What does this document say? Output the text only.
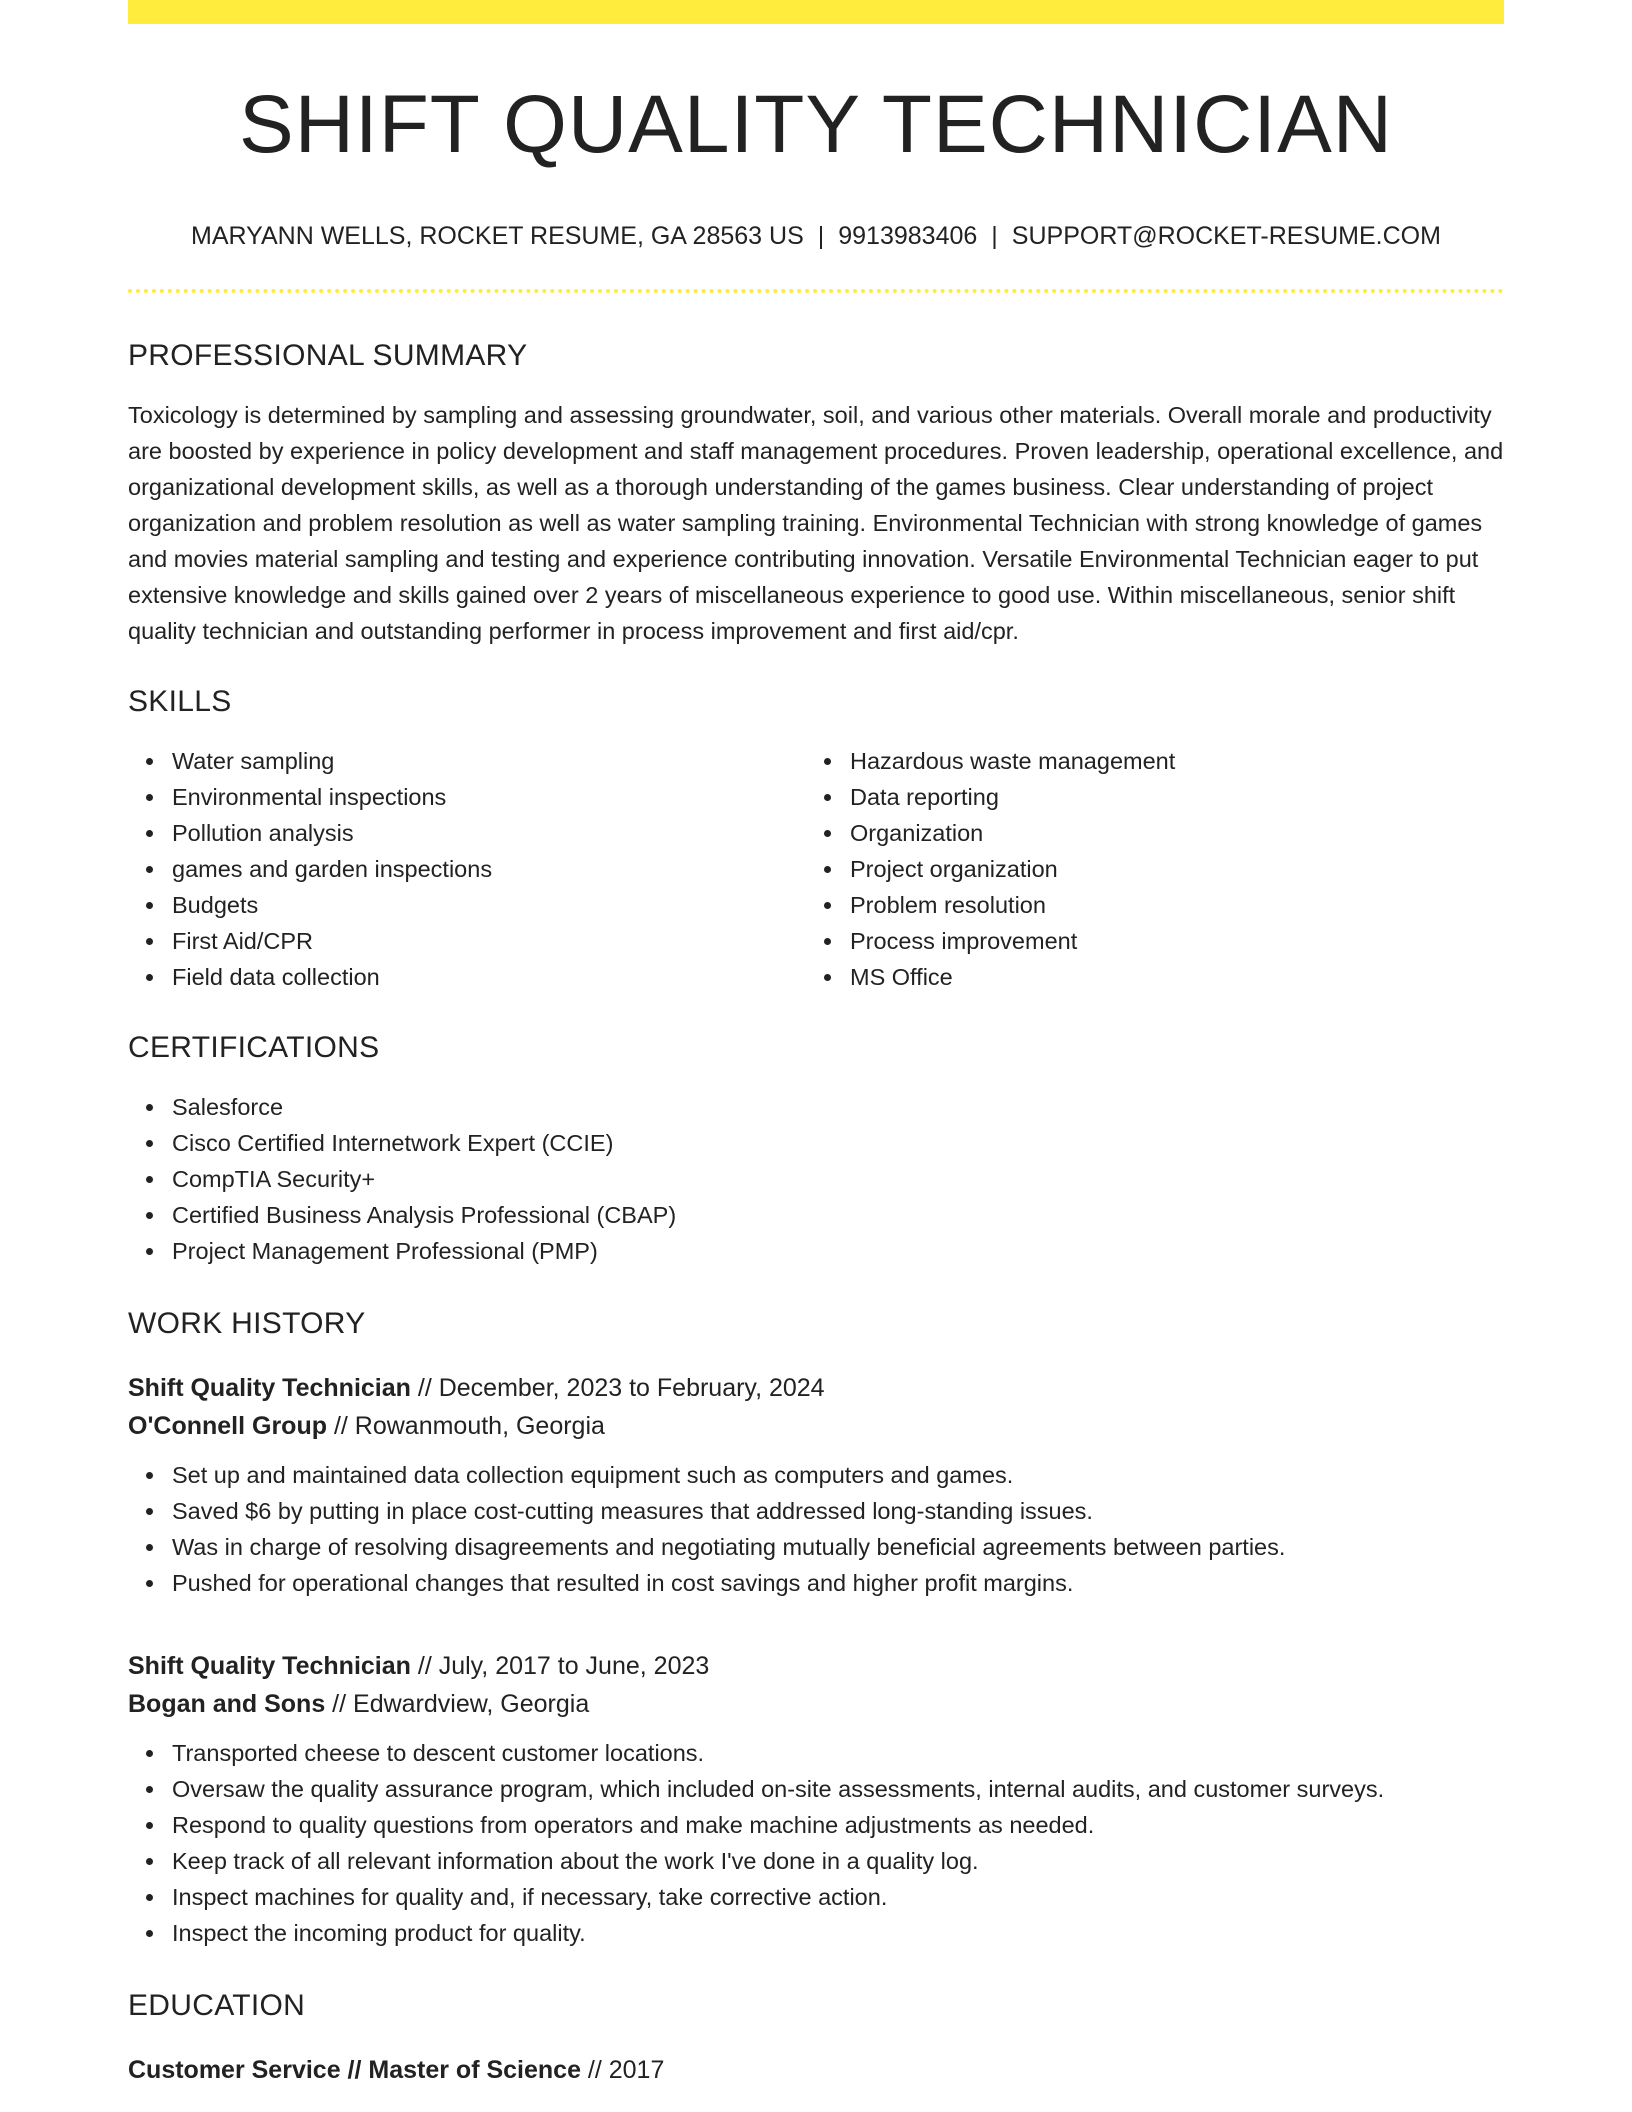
SHIFT QUALITY TECHNICIAN
MARYANN WELLS, ROCKET RESUME, GA 28563 US | 9913983406 | SUPPORT@ROCKET-RESUME.COM
PROFESSIONAL SUMMARY

Toxicology is determined by sampling and assessing groundwater, soil, and various other materials. Overall morale and productivity are boosted by experience in policy development and staff management procedures. Proven leadership, operational excellence, and organizational development skills, as well as a thorough understanding of the games business. Clear understanding of project organization and problem resolution as well as water sampling training. Environmental Technician with strong knowledge of games and movies material sampling and testing and experience contributing innovation. Versatile Environmental Technician eager to put extensive knowledge and skills gained over 2 years of miscellaneous experience to good use. Within miscellaneous, senior shift quality technician and outstanding performer in process improvement and first aid/cpr.

SKILLS
Water sampling
Environmental inspections
Pollution analysis
games and garden inspections
Budgets
First Aid/CPR
Field data collection
Hazardous waste management
Data reporting
Organization
Project organization
Problem resolution
Process improvement
MS Office
CERTIFICATIONS
Salesforce
Cisco Certified Internetwork Expert (CCIE)
CompTIA Security+
Certified Business Analysis Professional (CBAP)
Project Management Professional (PMP)
WORK HISTORY
Shift Quality Technician // December, 2023 to February, 2024
O'Connell Group // Rowanmouth, Georgia
Set up and maintained data collection equipment such as computers and games.
Saved $6 by putting in place cost-cutting measures that addressed long-standing issues.
Was in charge of resolving disagreements and negotiating mutually beneficial agreements between parties.
Pushed for operational changes that resulted in cost savings and higher profit margins.
Shift Quality Technician // July, 2017 to June, 2023
Bogan and Sons // Edwardview, Georgia
Transported cheese to descent customer locations.
Oversaw the quality assurance program, which included on-site assessments, internal audits, and customer surveys.
Respond to quality questions from operators and make machine adjustments as needed.
Keep track of all relevant information about the work I've done in a quality log.
Inspect machines for quality and, if necessary, take corrective action.
Inspect the incoming product for quality.
EDUCATION
Customer Service // Master of Science // 2017
